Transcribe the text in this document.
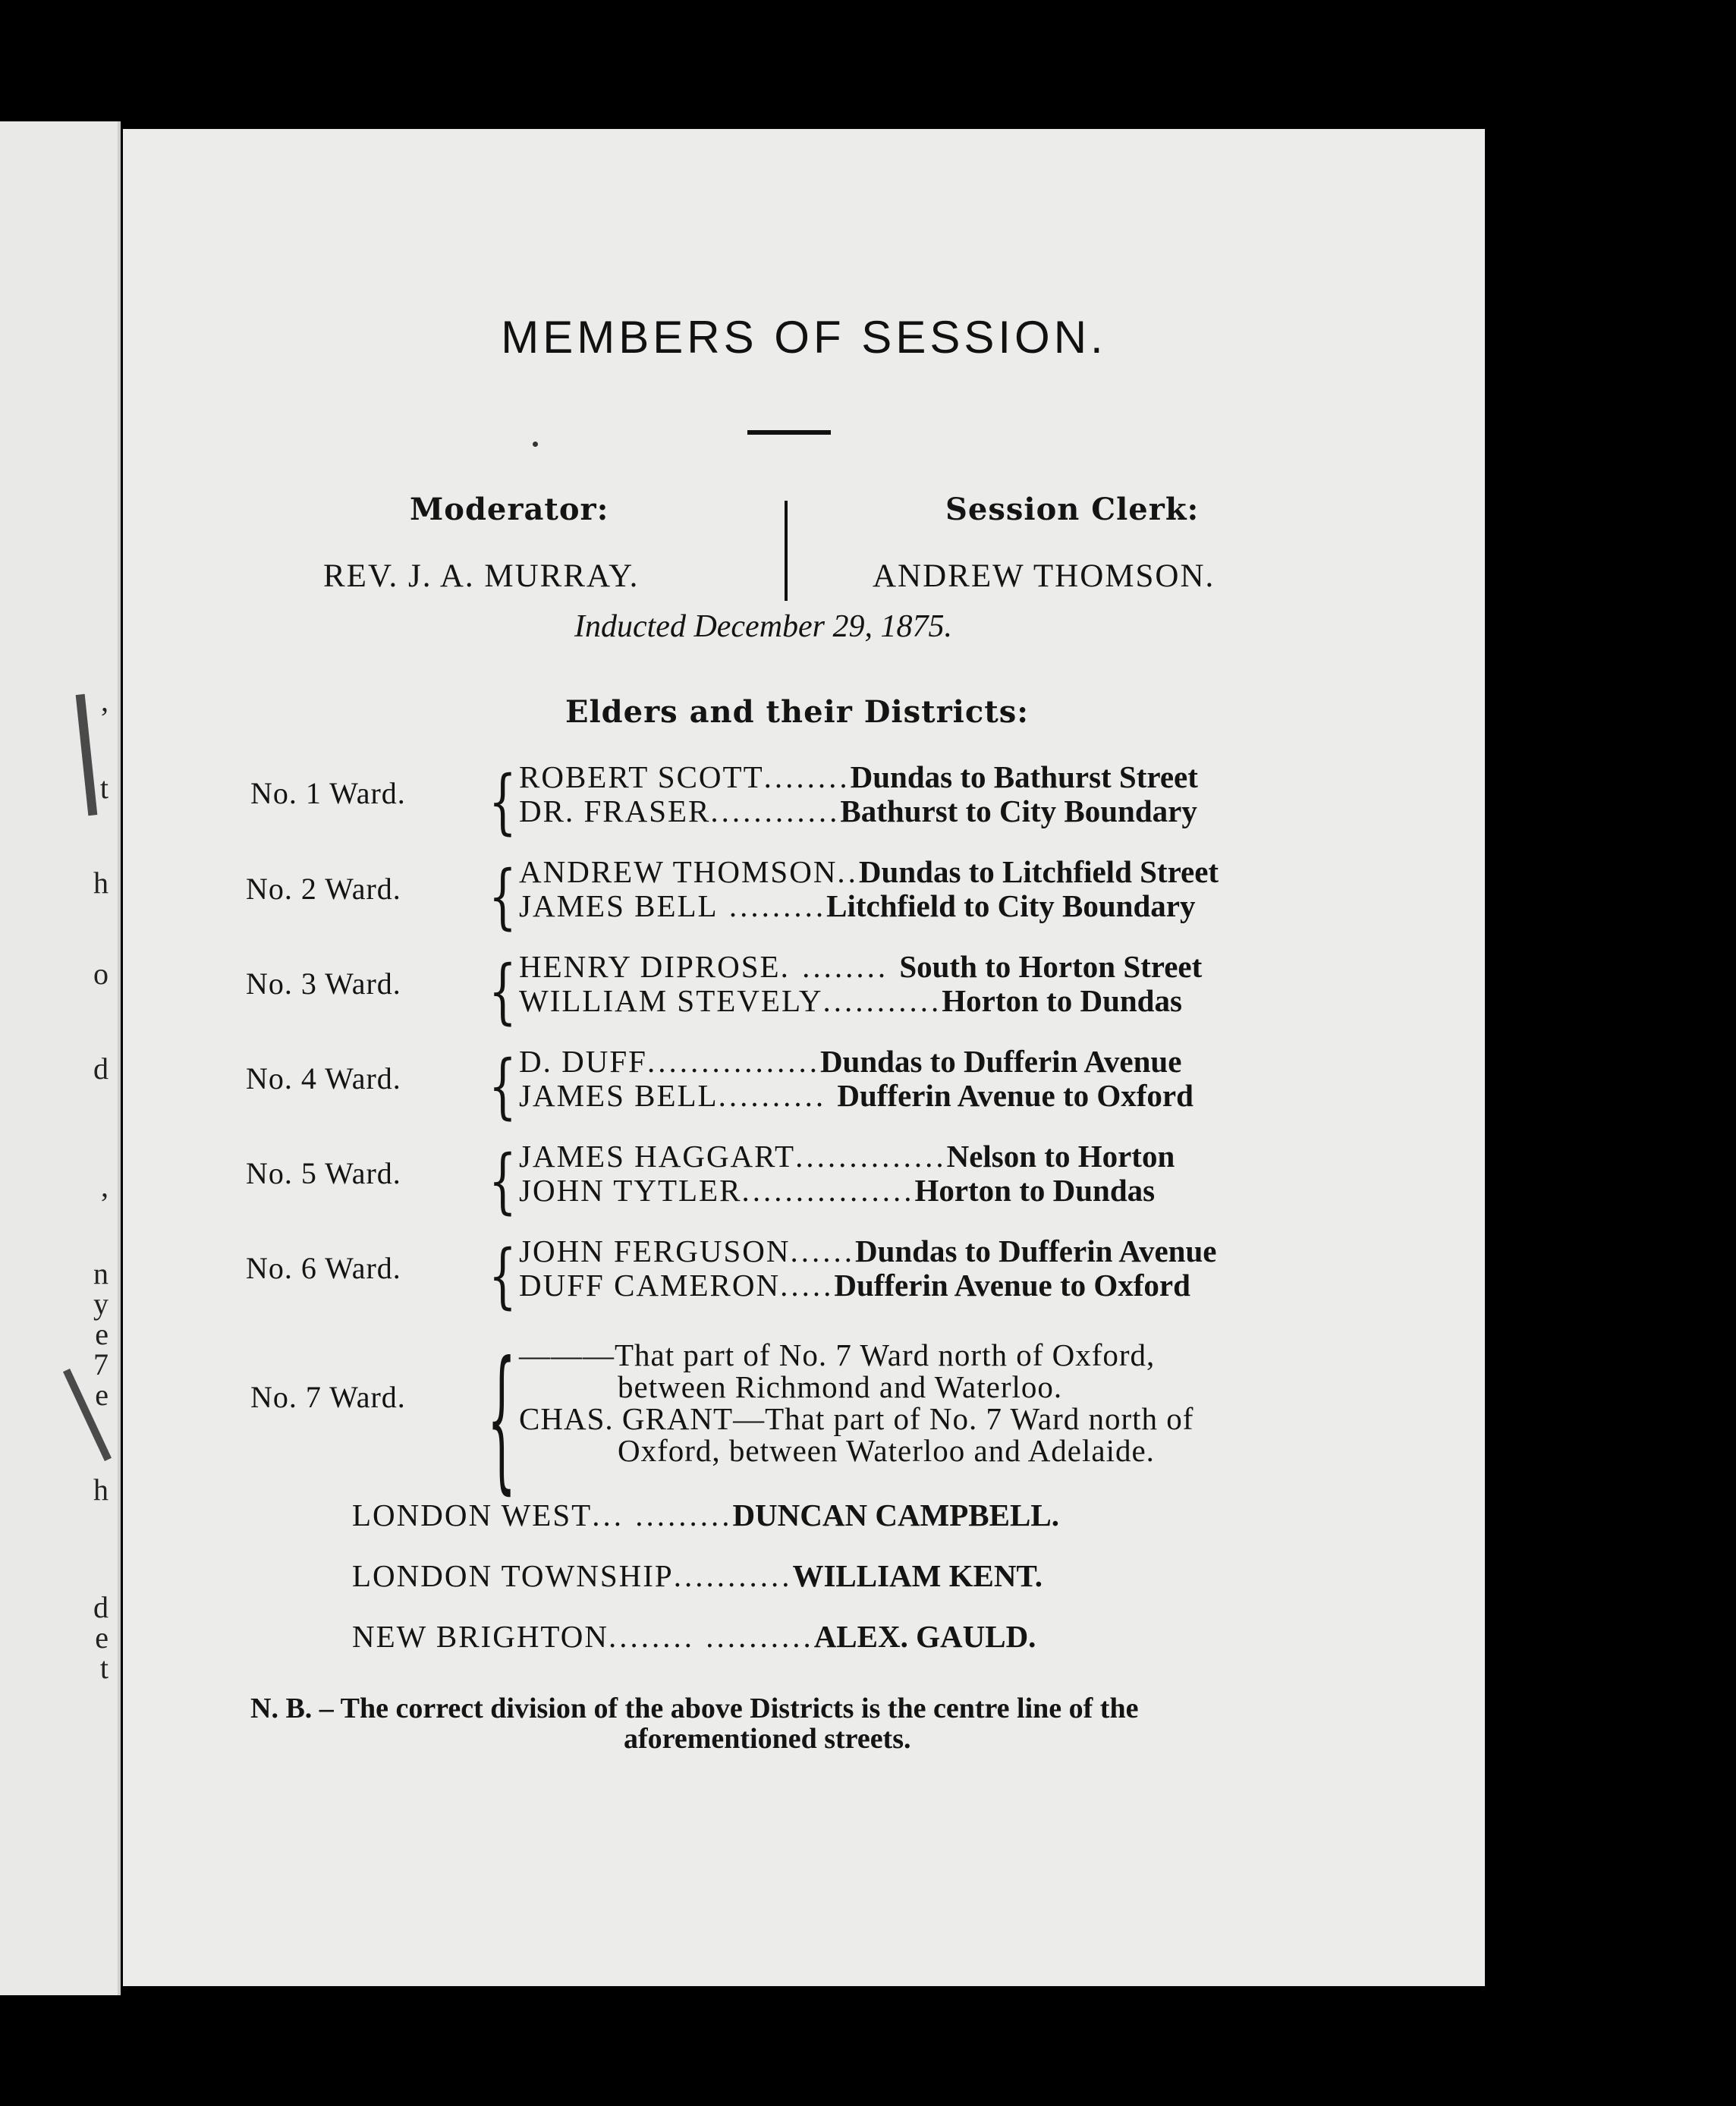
,
t
h
o
d
,
n
y
e
7
e
h
d
e
t
MEMBERS OF SESSION.
Moderator:	Session Clerk:
REV. J. A. MURRAY.	ANDREW THOMSON.
Inducted December 29, 1875.
Elders and their Districts:
No. 1 Ward. { ROBERT SCOTT........Dundas to Bathurst Street
DR. FRASER............Bathurst to City Boundary
No. 2 Ward. { ANDREW THOMSON..Dundas to Litchfield Street
JAMES BELL .........Litchfield to City Boundary
No. 3 Ward. { HENRY DIPROSE. ........ South to Horton Street
WILLIAM STEVELY...........Horton to Dundas
No. 4 Ward. { D. DUFF................Dundas to Dufferin Avenue
JAMES BELL.......... Dufferin Avenue to Oxford
No. 5 Ward. { JAMES HAGGART..............Nelson to Horton
JOHN TYTLER................Horton to Dundas
No. 6 Ward. { JOHN FERGUSON......Dundas to Dufferin Avenue
DUFF CAMERON.....Dufferin Avenue to Oxford
No. 7 Ward. { ———That part of No. 7 Ward north of Oxford,
between Richmond and Waterloo.
CHAS. GRANT—That part of No. 7 Ward north of
Oxford, between Waterloo and Adelaide.
LONDON WEST... .........DUNCAN CAMPBELL.
LONDON TOWNSHIP...........WILLIAM KENT.
NEW BRIGHTON........ ..........ALEX. GAULD.
N. B. – The correct division of the above Districts is the centre line of the
aforementioned streets.
